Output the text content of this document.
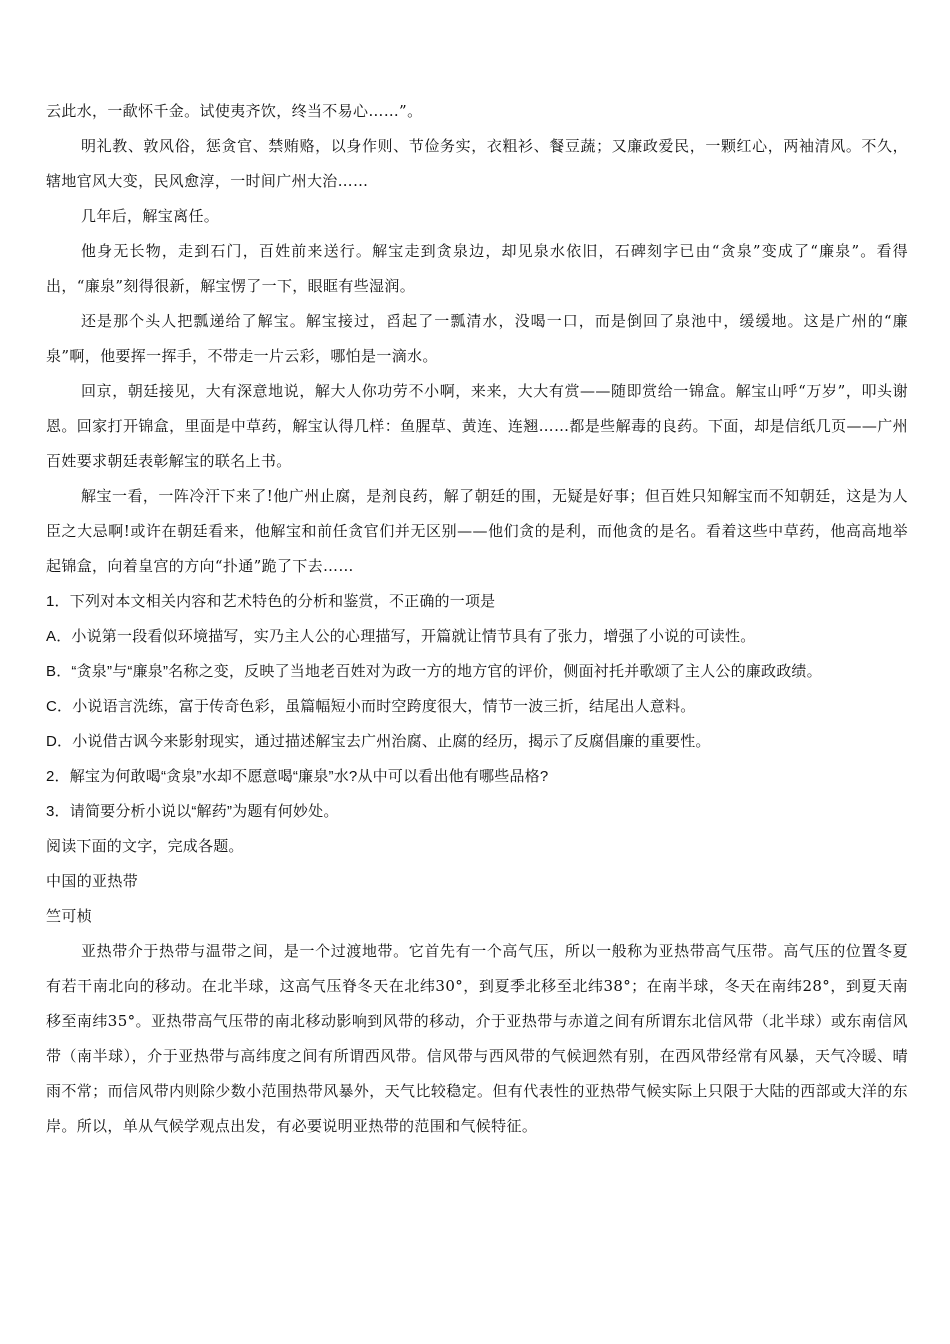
云此水，一歃怀千金。试使夷齐饮，终当不易心……”。

明礼教、敦风俗，惩贪官、禁贿赂，以身作则、节俭务实，衣粗衫、餐豆蔬；又廉政爱民，一颗红心，两袖清风。不久，辖地官风大变，民风愈淳，一时间广州大治……

几年后，解宝离任。

他身无长物，走到石门，百姓前来送行。解宝走到贪泉边，却见泉水依旧，石碑刻字已由“贪泉”变成了“廉泉”。看得出，“廉泉”刻得很新，解宝愣了一下，眼眶有些湿润。

还是那个头人把瓢递给了解宝。解宝接过，舀起了一瓢清水，没喝一口，而是倒回了泉池中，缓缓地。这是广州的“廉泉”啊，他要挥一挥手，不带走一片云彩，哪怕是一滴水。

回京，朝廷接见，大有深意地说，解大人你功劳不小啊，来来，大大有赏——随即赏给一锦盒。解宝山呼“万岁”，叩头谢恩。回家打开锦盒，里面是中草药，解宝认得几样：鱼腥草、黄连、连翘……都是些解毒的良药。下面，却是信纸几页——广州百姓要求朝廷表彰解宝的联名上书。

解宝一看，一阵冷汗下来了!他广州止腐，是剂良药，解了朝廷的围，无疑是好事；但百姓只知解宝而不知朝廷，这是为人臣之大忌啊!或许在朝廷看来，他解宝和前任贪官们并无区别——他们贪的是利，而他贪的是名。看着这些中草药，他高高地举起锦盒，向着皇宫的方向“扑通”跪了下去……

1．下列对本文相关内容和艺术特色的分析和鉴赏，不正确的一项是

A．小说第一段看似环境描写，实乃主人公的心理描写，开篇就让情节具有了张力，增强了小说的可读性。

B．“贪泉”与“廉泉”名称之变，反映了当地老百姓对为政一方的地方官的评价，侧面衬托并歌颂了主人公的廉政政绩。

C．小说语言洗练，富于传奇色彩，虽篇幅短小而时空跨度很大，情节一波三折，结尾出人意料。

D．小说借古讽今来影射现实，通过描述解宝去广州治腐、止腐的经历，揭示了反腐倡廉的重要性。

2．解宝为何敢喝“贪泉”水却不愿意喝“廉泉”水?从中可以看出他有哪些品格?

3．请简要分析小说以“解药”为题有何妙处。

阅读下面的文字，完成各题。

中国的亚热带

竺可桢

亚热带介于热带与温带之间，是一个过渡地带。它首先有一个高气压，所以一般称为亚热带高气压带。高气压的位置冬夏有若干南北向的移动。在北半球，这高气压脊冬天在北纬30°，到夏季北移至北纬38°；在南半球，冬天在南纬28°，到夏天南移至南纬35°。亚热带高气压带的南北移动影响到风带的移动，介于亚热带与赤道之间有所谓东北信风带（北半球）或东南信风带（南半球），介于亚热带与高纬度之间有所谓西风带。信风带与西风带的气候迥然有别，在西风带经常有风暴，天气冷暖、晴雨不常；而信风带内则除少数小范围热带风暴外，天气比较稳定。但有代表性的亚热带气候实际上只限于大陆的西部或大洋的东岸。所以，单从气候学观点出发，有必要说明亚热带的范围和气候特征。
